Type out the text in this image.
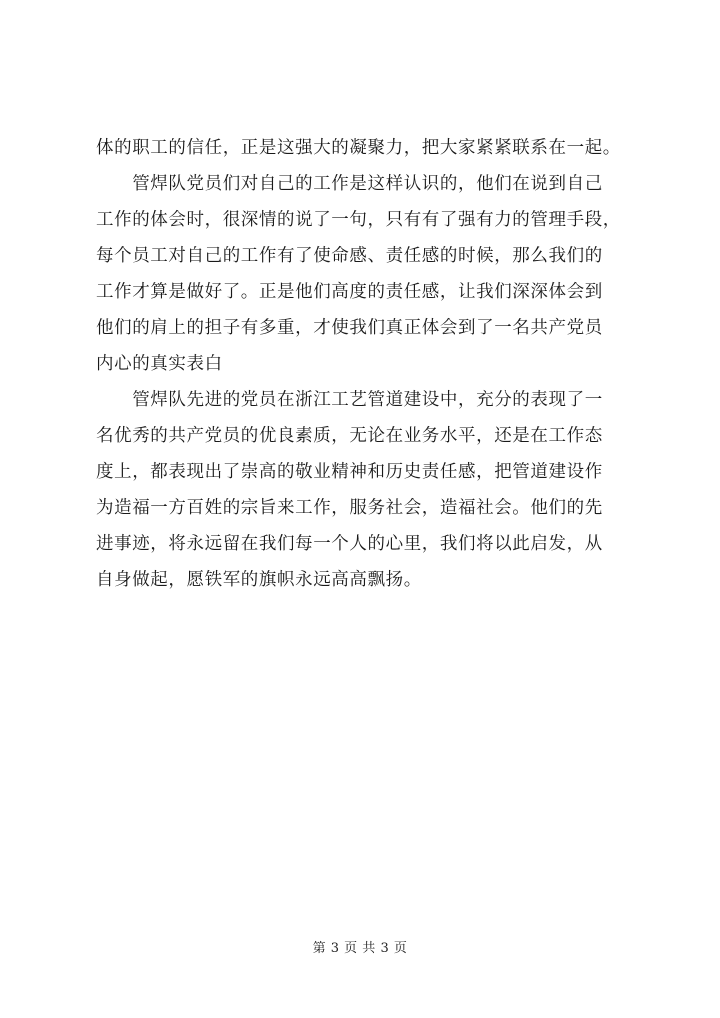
体的职工的信任，正是这强大的凝聚力，把大家紧紧联系在一起。
　　管焊队党员们对自己的工作是这样认识的，他们在说到自己
工作的体会时，很深情的说了一句，只有有了强有力的管理手段，
每个员工对自己的工作有了使命感、责任感的时候，那么我们的
工作才算是做好了。正是他们高度的责任感，让我们深深体会到
他们的肩上的担子有多重，才使我们真正体会到了一名共产党员
内心的真实表白
　　管焊队先进的党员在浙江工艺管道建设中，充分的表现了一
名优秀的共产党员的优良素质，无论在业务水平，还是在工作态
度上，都表现出了崇高的敬业精神和历史责任感，把管道建设作
为造福一方百姓的宗旨来工作，服务社会，造福社会。他们的先
进事迹，将永远留在我们每一个人的心里，我们将以此启发，从
自身做起，愿铁军的旗帜永远高高飘扬。
第 3 页 共 3 页
